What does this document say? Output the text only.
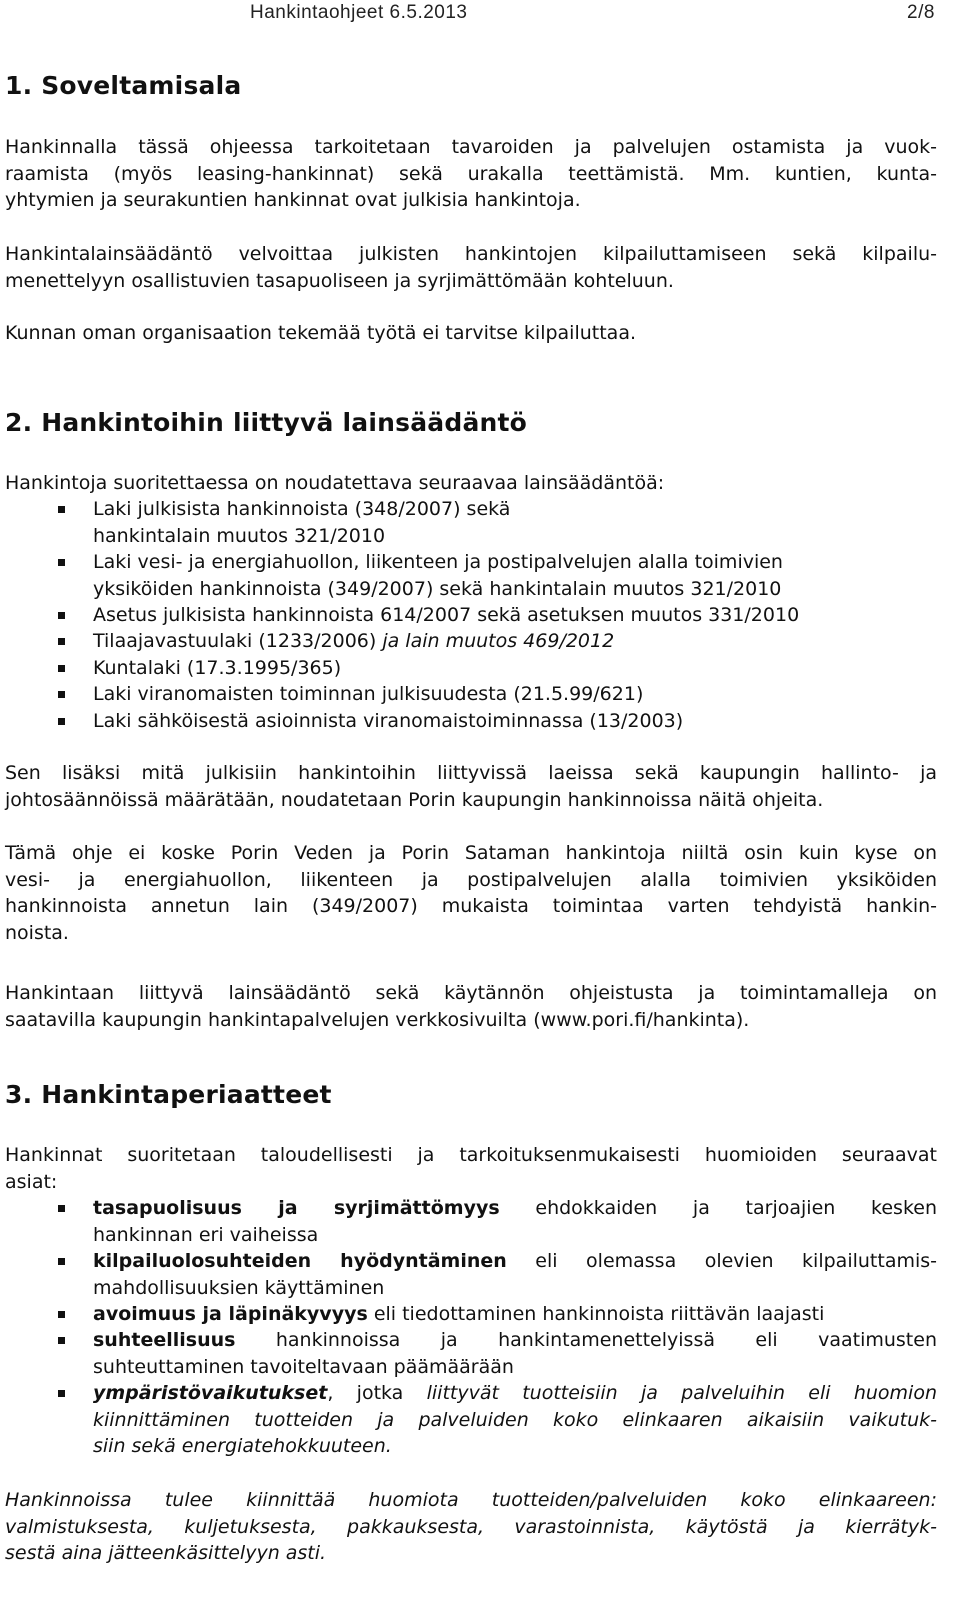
Hankintaohjeet 6.5.2013	2/8
1. Soveltamisala
Hankinnalla tässä ohjeessa tarkoitetaan tavaroiden ja palvelujen ostamista ja vuok-
raamista (myös leasing-hankinnat) sekä urakalla teettämistä. Mm. kuntien, kunta-
yhtymien ja seurakuntien hankinnat ovat julkisia hankintoja.
Hankintalainsäädäntö velvoittaa julkisten hankintojen kilpailuttamiseen sekä kilpailu-
menettelyyn osallistuvien tasapuoliseen ja syrjimättömään kohteluun.
Kunnan oman organisaation tekemää työtä ei tarvitse kilpailuttaa.
2. Hankintoihin liittyvä lainsäädäntö
Hankintoja suoritettaessa on noudatettava seuraavaa lainsäädäntöä:
Laki julkisista hankinnoista (348/2007) sekä
hankintalain muutos 321/2010
Laki vesi- ja energiahuollon, liikenteen ja postipalvelujen alalla toimivien
yksiköiden hankinnoista (349/2007) sekä hankintalain muutos 321/2010
Asetus julkisista hankinnoista 614/2007 sekä asetuksen muutos 331/2010
Tilaajavastuulaki (1233/2006) ja lain muutos 469/2012
Kuntalaki (17.3.1995/365)
Laki viranomaisten toiminnan julkisuudesta (21.5.99/621)
Laki sähköisestä asioinnista viranomaistoiminnassa (13/2003)
Sen lisäksi mitä julkisiin hankintoihin liittyvissä laeissa sekä kaupungin hallinto- ja
johtosäännöissä määrätään, noudatetaan Porin kaupungin hankinnoissa näitä ohjeita.
Tämä ohje ei koske Porin Veden ja Porin Sataman hankintoja niiltä osin kuin kyse on
vesi- ja energiahuollon, liikenteen ja postipalvelujen alalla toimivien yksiköiden
hankinnoista annetun lain (349/2007) mukaista toimintaa varten tehdyistä hankin-
noista.
Hankintaan liittyvä lainsäädäntö sekä käytännön ohjeistusta ja toimintamalleja on
saatavilla kaupungin hankintapalvelujen verkkosivuilta (www.pori.fi/hankinta).
3. Hankintaperiaatteet
Hankinnat suoritetaan taloudellisesti ja tarkoituksenmukaisesti huomioiden seuraavat
asiat:
tasapuolisuus ja syrjimättömyys ehdokkaiden ja tarjoajien kesken
hankinnan eri vaiheissa
kilpailuolosuhteiden hyödyntäminen eli olemassa olevien kilpailuttamis-
mahdollisuuksien käyttäminen
avoimuus ja läpinäkyvyys eli tiedottaminen hankinnoista riittävän laajasti
suhteellisuus hankinnoissa ja hankintamenettelyissä eli vaatimusten
suhteuttaminen tavoiteltavaan päämäärään
ympäristövaikutukset, jotka liittyvät tuotteisiin ja palveluihin eli huomion
kiinnittäminen tuotteiden ja palveluiden koko elinkaaren aikaisiin vaikutuk-
siin sekä energiatehokkuuteen.
Hankinnoissa tulee kiinnittää huomiota tuotteiden/palveluiden koko elinkaareen:
valmistuksesta, kuljetuksesta, pakkauksesta, varastoinnista, käytöstä ja kierrätyk-
sestä aina jätteenkäsittelyyn asti.
